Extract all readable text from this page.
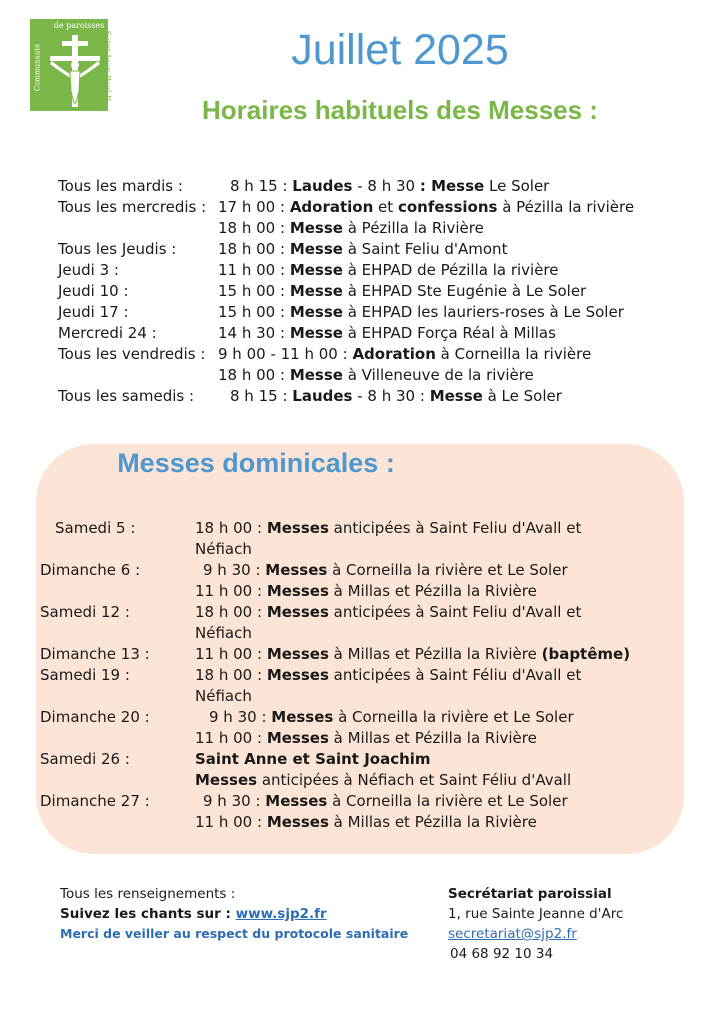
de paroisses
Communauté	Saint Jean-Paul II	Juillet 2025
Horaires habituels des Messes :
Tous les mardis :	8 h 15 : Laudes - 8 h 30 : Messe Le Soler
Tous les mercredis : 17 h 00 : Adoration et confessions à Pézilla la rivière
18 h 00 : Messe à Pézilla la Rivière
Tous les Jeudis :	18 h 00 : Messe à Saint Feliu d'Amont
Jeudi 3 :	11 h 00 : Messe à EHPAD de Pézilla la rivière
Jeudi 10 :	15 h 00 : Messe à EHPAD Ste Eugénie à Le Soler
Jeudi 17 :	15 h 00 : Messe à EHPAD les lauriers-roses à Le Soler
Mercredi 24 :	14 h 30 : Messe à EHPAD Força Réal à Millas
Tous les vendredis : 9 h 00 - 11 h 00 : Adoration à Corneilla la rivière
18 h 00 : Messe à Villeneuve de la rivière
Tous les samedis : 8 h 15 : Laudes - 8 h 30 : Messe à Le Soler
Messes dominicales :
Samedi 5 :	18 h 00 : Messes anticipées à Saint Feliu d'Avall et
Néfiach
Dimanche 6 :	9 h 30 : Messes à Corneilla la rivière et Le Soler
11 h 00 : Messes à Millas et Pézilla la Rivière
Samedi 12 :	18 h 00 : Messes anticipées à Saint Feliu d'Avall et
Néfiach
Dimanche 13 :	11 h 00 : Messes à Millas et Pézilla la Rivière (baptême)
Samedi 19 :	18 h 00 : Messes anticipées à Saint Féliu d'Avall et
Néfiach
Dimanche 20 :	9 h 30 : Messes à Corneilla la rivière et Le Soler
11 h 00 : Messes à Millas et Pézilla la Rivière
Samedi 26 :	Saint Anne et Saint Joachim
Messes anticipées à Néfiach et Saint Féliu d'Avall
Dimanche 27 :	9 h 30 : Messes à Corneilla la rivière et Le Soler
11 h 00 : Messes à Millas et Pézilla la Rivière
Tous les renseignements :
Suivez les chants sur : www.sjp2.fr
Merci de veiller au respect du protocole sanitaire
Secrétariat paroissial
1, rue Sainte Jeanne d'Arc
secretariat@sjp2.fr
04 68 92 10 34
